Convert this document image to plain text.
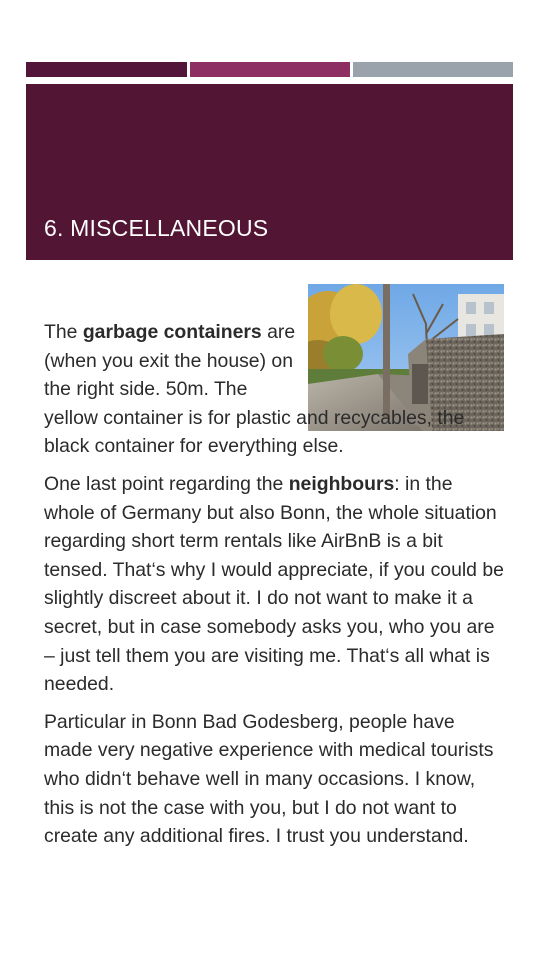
6. MISCELLANEOUS

The garbage containers are (when you exit the house) on the right side. 50m. The yellow container is for plastic and recycables, the black container for everything else.

One last point regarding the neighbours: in the whole of Germany but also Bonn, the whole situation regarding short term rentals like AirBnB is a bit tensed. That‘s why I would appreciate, if you could be slightly discreet about it. I do not want to make it a secret, but in case somebody asks you, who you are – just tell them you are visiting me. That‘s all what is needed.

Particular in Bonn Bad Godesberg, people have made very negative experience with medical tourists who didn‘t behave well in many occasions. I know, this is not the case with you, but I do not want to create any additional fires. I trust you understand.
